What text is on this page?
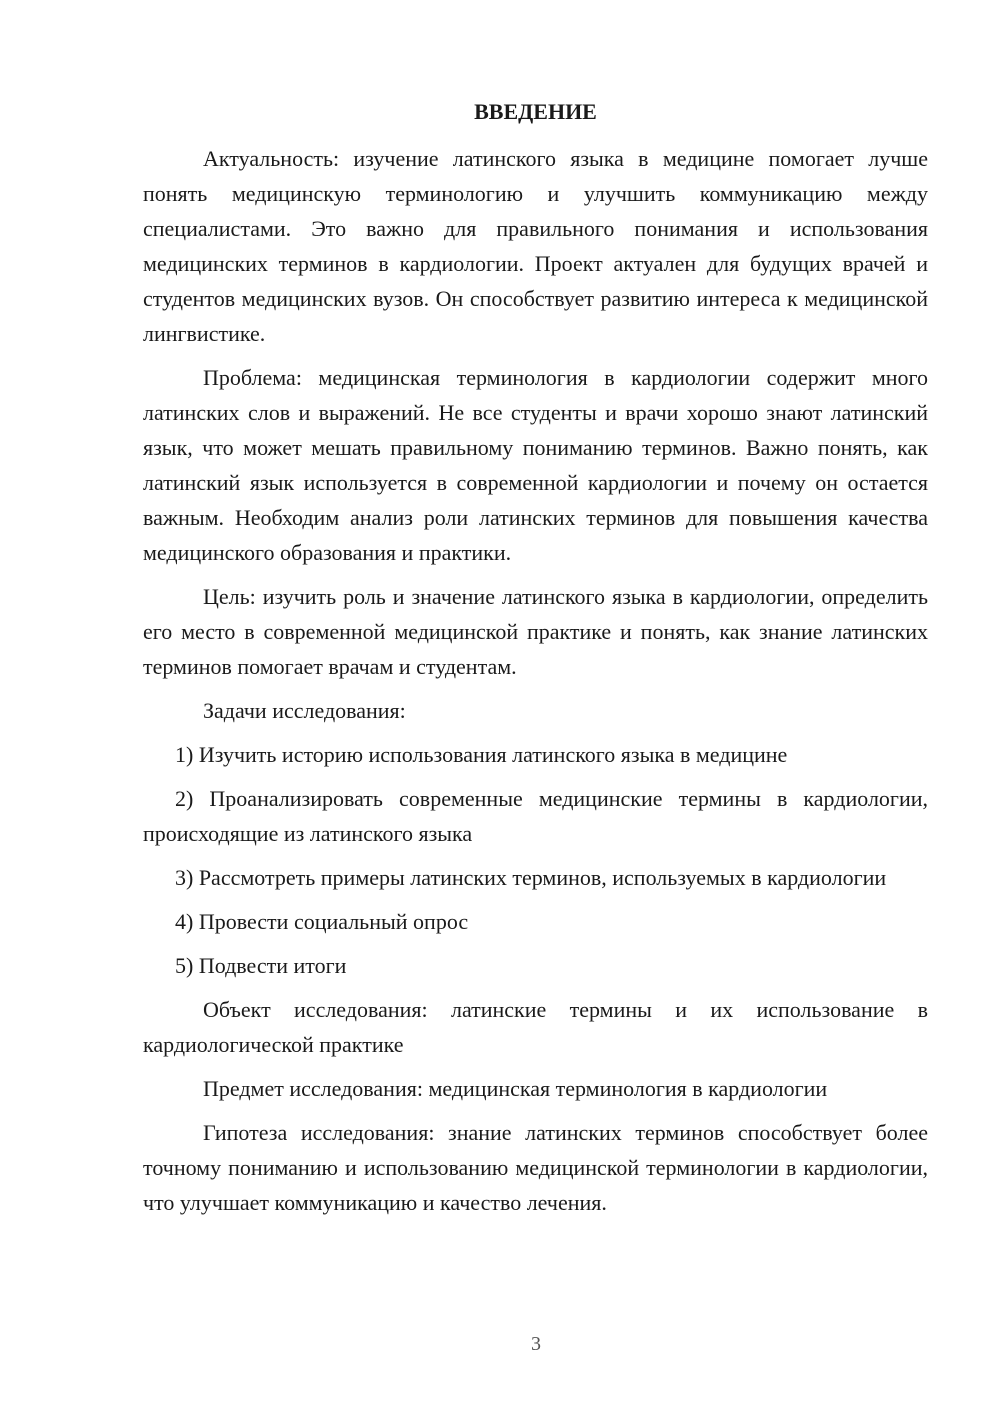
ВВЕДЕНИЕ

Актуальность: изучение латинского языка в медицине помогает лучше понять медицинскую терминологию и улучшить коммуникацию между специалистами. Это важно для правильного понимания и использования медицинских терминов в кардиологии. Проект актуален для будущих врачей и студентов медицинских вузов. Он способствует развитию интереса к медицинской лингвистике.

Проблема: медицинская терминология в кардиологии содержит много латинских слов и выражений. Не все студенты и врачи хорошо знают латинский язык, что может мешать правильному пониманию терминов. Важно понять, как латинский язык используется в современной кардиологии и почему он остается важным. Необходим анализ роли латинских терминов для повышения качества медицинского образования и практики.

Цель: изучить роль и значение латинского языка в кардиологии, определить его место в современной медицинской практике и понять, как знание латинских терминов помогает врачам и студентам.

Задачи исследования:

1) Изучить историю использования латинского языка в медицине

2) Проанализировать современные медицинские термины в кардиологии, происходящие из латинского языка

3) Рассмотреть примеры латинских терминов, используемых в кардиологии

4) Провести социальный опрос

5) Подвести итоги

Объект исследования: латинские термины и их использование в кардиологической практике

Предмет исследования: медицинская терминология в кардиологии

Гипотеза исследования: знание латинских терминов способствует более точному пониманию и использованию медицинской терминологии в кардиологии, что улучшает коммуникацию и качество лечения.

3
